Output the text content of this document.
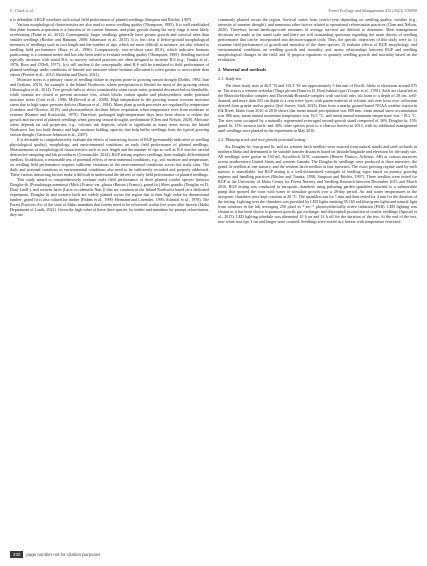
C. Clark et al.	Forest Ecology and Management 452 (2023) 100090

it is debatable if RGP correlates with actual field performance of planted seedlings (Simpson and Ritchie, 1997).

Various morphological characteristics are also used to assess seedling quality (Thompson, 1985). It is well established that plant biomass acquisition is a function of its current biomass, and plant growth during the early stage is most likely accelerating (Paine et al., 2012). Consequently, larger seedlings generally have greater growth and survival rates than smaller seedlings (Ritchie and Hamann, 2008; Johansson et al., 2015). It is less clear if below-ground morphological measures of seedlings such as root length and the number of tips, which are more difficult to measure, are also related to seedling field performance (Kurz et al., 1996). Comparatively, root-to-shoot ratio (R:S), which indicates biomass partitioning, is a common metric and has also been used to evaluate seedling quality (Thompson, 1985). Seedling survival typically increases with initial R:S, so nursery cultural practices are often designed to increase R:S (e.g., Tanaka et al., 1976; Roos and O'Dell, 1977). It is still unclear if the conceptually ideal R:S will be translated to field performance of planted seedlings under conditions of limited soil moisture where biomass allocation is often greater to roots rather than shoots (Poorter et al., 2012; Sheridan and Davis, 2021).

Moisture stress is a primary cause of seedling failure in regions prone to growing season drought (Dobbs, 1992; Jain and Graham, 2015). An example is the Inland Northwest, where precipitation is limited for most of the growing season (Abatzoglou et al., 2014). Tree growth halts or slows considerably when tissue water potential decreases below thresholds, while stomata are closed to prevent moisture loss, which blocks carbon uptake and photosynthetic under potential moisture stress (Cole et al., 1986; McDowell et al., 2008). High temperature in the growing season worsens moisture stress due to high vapor pressure deficits (Banyon et al., 1994). Many plant growth processes are regulated by temperature (Lambers and Oliveira, 2019), and photosynthesis declines below respiration when temperature rises from moderate to extreme (Kramer and Kozlowski, 1979). Therefore, prolonged high-temperature days have been shown to reduce the growth and survival of planted seedlings when growing season droughts predominate (Chen and Nelson, 2020). Moisture stress depends on soil properties, e.g., volcanic ash deposits, which is significant in many areas across the Inland Northwest, has low bulk density and high moisture holding capacity that help buffer seedlings from the typical growing season drought (Garrison-Johnston et al., 2007).

It is desirable to comprehensively evaluate the effects of interacting factors of RGP (presumably indicative of seedling physiological quality), morphology, and environmental conditions on early field performance of planted seedlings. Measurements of morphological characteristics such as root length and the number of tips as well as R:S involve careful destructive sampling and lab procedures (Grossnickle, 2012). RGP testing requires seedlings from multiple differentiated seedlots. In addition, a reasonable test of potential effects of environmental conditions, e.g., soil moisture and temperature, on seedling field performance requires sufficient variations in the environmental conditions across the study sites. The daily and seasonal variations in environmental conditions also need to be sufficiently recorded and properly addressed. These various interacting factors make it difficult to understand the drivers of early field performance of planted seedlings.

This study aimed to comprehensively evaluate early field performance of three planted conifer species (interior Douglas-fir (Pseudotsuga menziesii (Mirb.) Franco var. glauca (Beissn.) Franco), grand fir (Abies grandis (Douglas ex D. Don) Lindl.), and western larch (Larix occidentalis Nutt.)) that are common in the Inland Northwest based on a dedicated experiment. Douglas-fir and western larch are widely planted across the region due to their high value for dimensional lumber; grand fir is also valued for timber (Fiddes et al., 1990; Hermann and Lavender, 1990; Schmidt et al., 1976). The Forest Practices Act of the state of Idaho mandates that forests need to be reforested within five years after harvest (Idaho Department of Lands, 2022). Given the high value of these three species for timber and mandates for prompt reforestation, they are

commonly planted across the region. Survival varies from year-to-year depending on seedling quality, weather (e.g., intensity of summer drought), and numerous other factors related to operational reforestation practices (Chen and Nelson, 2020). Therefore, broad landscape-scale estimates of average survival are difficult to determine. Most management decisions are made at the stand scale and there are still outstanding questions regarding the main drivers of seedling performance that can be incorporated into decision-support tools. Thus, the specific objectives of this study were to: 1) examine field performance of growth and mortality of the three species; 2) evaluate effects of RGP, morphology, and environmental conditions on seedling growth and mortality, and assess relationships between RGP and seedling morphological changes in the field; and 3) propose equations to quantify seedling growth and mortality based on the evaluation.

2. Material and methods
2.1. Study site

The three study sites at 46.9 °N and 116.3 °W are approximately 5 km east of Bovill, Idaho at elevations around 975 m. The area is a western redcedar (Thuja plicata Donn ex D. Don) habitat type (Cooper et al., 1991). Soils are classified as the Brazzola-Hoodoo complex and Dworshak-Brazzola-complex with surficial ashy silt loam to a depth of 28 cm, well-drained, and more than 203 cm depth to a restrictive layer, with parent material of volcanic ash over loess over colluvium derived from granite and/or gneiss (Soil Survey Staff, 2023). Data from a nearby ground-based NOAA weather station in Elk River, Idaho from 2010 to 2016 shows that mean annual precipitation was 889 mm, mean annual snow accumulation was 886 mm, mean annual maximum temperature was 16.5 °C, and mean annual minimum temperature was −18.2 °C. The sites were occupied by a naturally regenerated even-aged second-growth stand composed of 30% Douglas-fir, 15% grand fir, 15% western larch, and 40% other species prior to a clearcut harvest in 2013, with no additional management until seedlings were planted in the experiment in May 2016.

2.2. Planting stock and root growth potential testing

Six Douglas-fir, four grand fir, and six western larch seedlots were sourced from natural stands and seed orchards in northern Idaho and determined to be suitable transfer distances based on latitude/longitude and elevation for the study site. All seedlings were grown in 130 mL Styroblock 415C containers (Beaver Plastics, Acheson, AB) at various nurseries across northwestern United States and western Canada. The Douglas-fir seedlings were produced at three nurseries, the grand fir seedlots at one nursery, and the western larch seedlots at four nurseries. The exact growing regime used by each nursery is unavailable, but RGP testing is a well-documented surrogate of seedling vigor based on nursery growing regimes and handling practices (Ritchie and Tanaka, 1990; Simpson and Ritchie, 1997). These seedlots were tested for RGP at the University of Idaho Center for Forest Nursery and Seedling Research between December 2015 and March 2016. RGP testing was conducted in aeroponic chambers using pulsating garden sprinklers attached to a submersible pump that sprayed the roots with water to stimulate growth over a 28-day period. Air and water temperatures in the aeroponic chambers were kept constant at 20 °C. The sprinklers ran for 1 min and then rested for 4 min for the duration of the testing. Lighting over the chambers was provided by LED lights emitting 95:165 red:blue:green lights and natural light from windows in the lab, averaging 250 μmol m⁻² sec⁻¹ photosynthetically active radiation (PAR). LED lighting was chosen as it has been shown to promote growth, gas exchange, and chlorophyll production of conifer seedlings (Apostol et al., 2015). LED lighting schedule was alternated 10 h on and 14 h off for the duration of the test. At the end of the test, new white root tips 1 cm and longer were counted. Seedlings were stored in a freezer with temperature restricted

232	page number not for citation purposes
